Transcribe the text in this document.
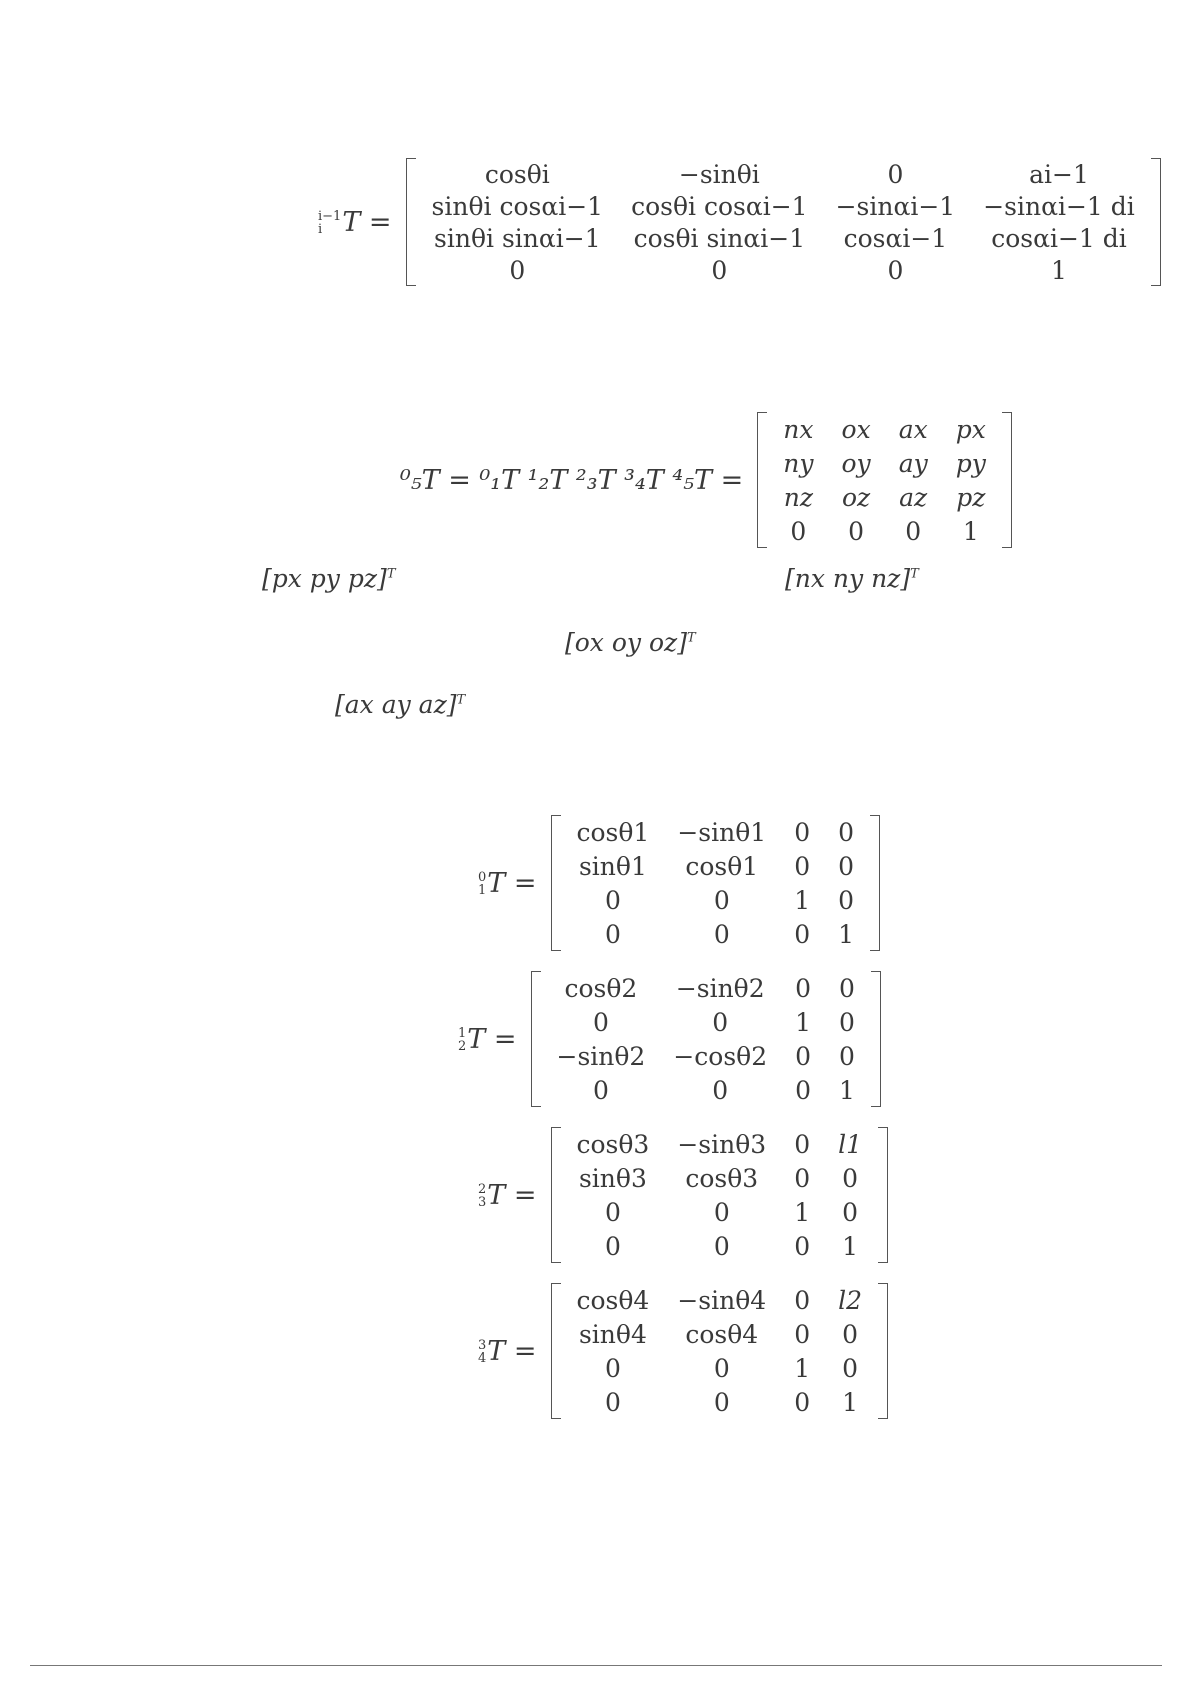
i−1
i T =
cosθi	−sinθi	0	ai−1
sinθi cosαi−1	cosθi cosαi−1	−sinαi−1	−sinαi−1 di
sinθi sinαi−1	cosθi sinαi−1	cosαi−1	cosαi−1 di
0	0	0	1
⁰₅T = ⁰₁T ¹₂T ²₃T ³₄T ⁴₅T =
nx	ox	ax	px
ny	oy	ay	py
nz	oz	az	pz
0	0	0	1
[px py pz]$^T$	[nx ny nz]$^T$
[ox oy oz]$^T$
[ax ay az]$^T$
0
1 T =
cosθ1	−sinθ1	0	0
sinθ1	cosθ1	0	0
0	0	1	0
0	0	0	1
1
2 T =
cosθ2	−sinθ2	0	0
0	0	1	0
−sinθ2	−cosθ2	0	0
0	0	0	1
2
3 T =
cosθ3	−sinθ3	0	l1
sinθ3	cosθ3	0	0
0	0	1	0
0	0	0	1
3
4 T =
cosθ4	−sinθ4	0	l2
sinθ4	cosθ4	0	0
0	0	1	0
0	0	0	1
